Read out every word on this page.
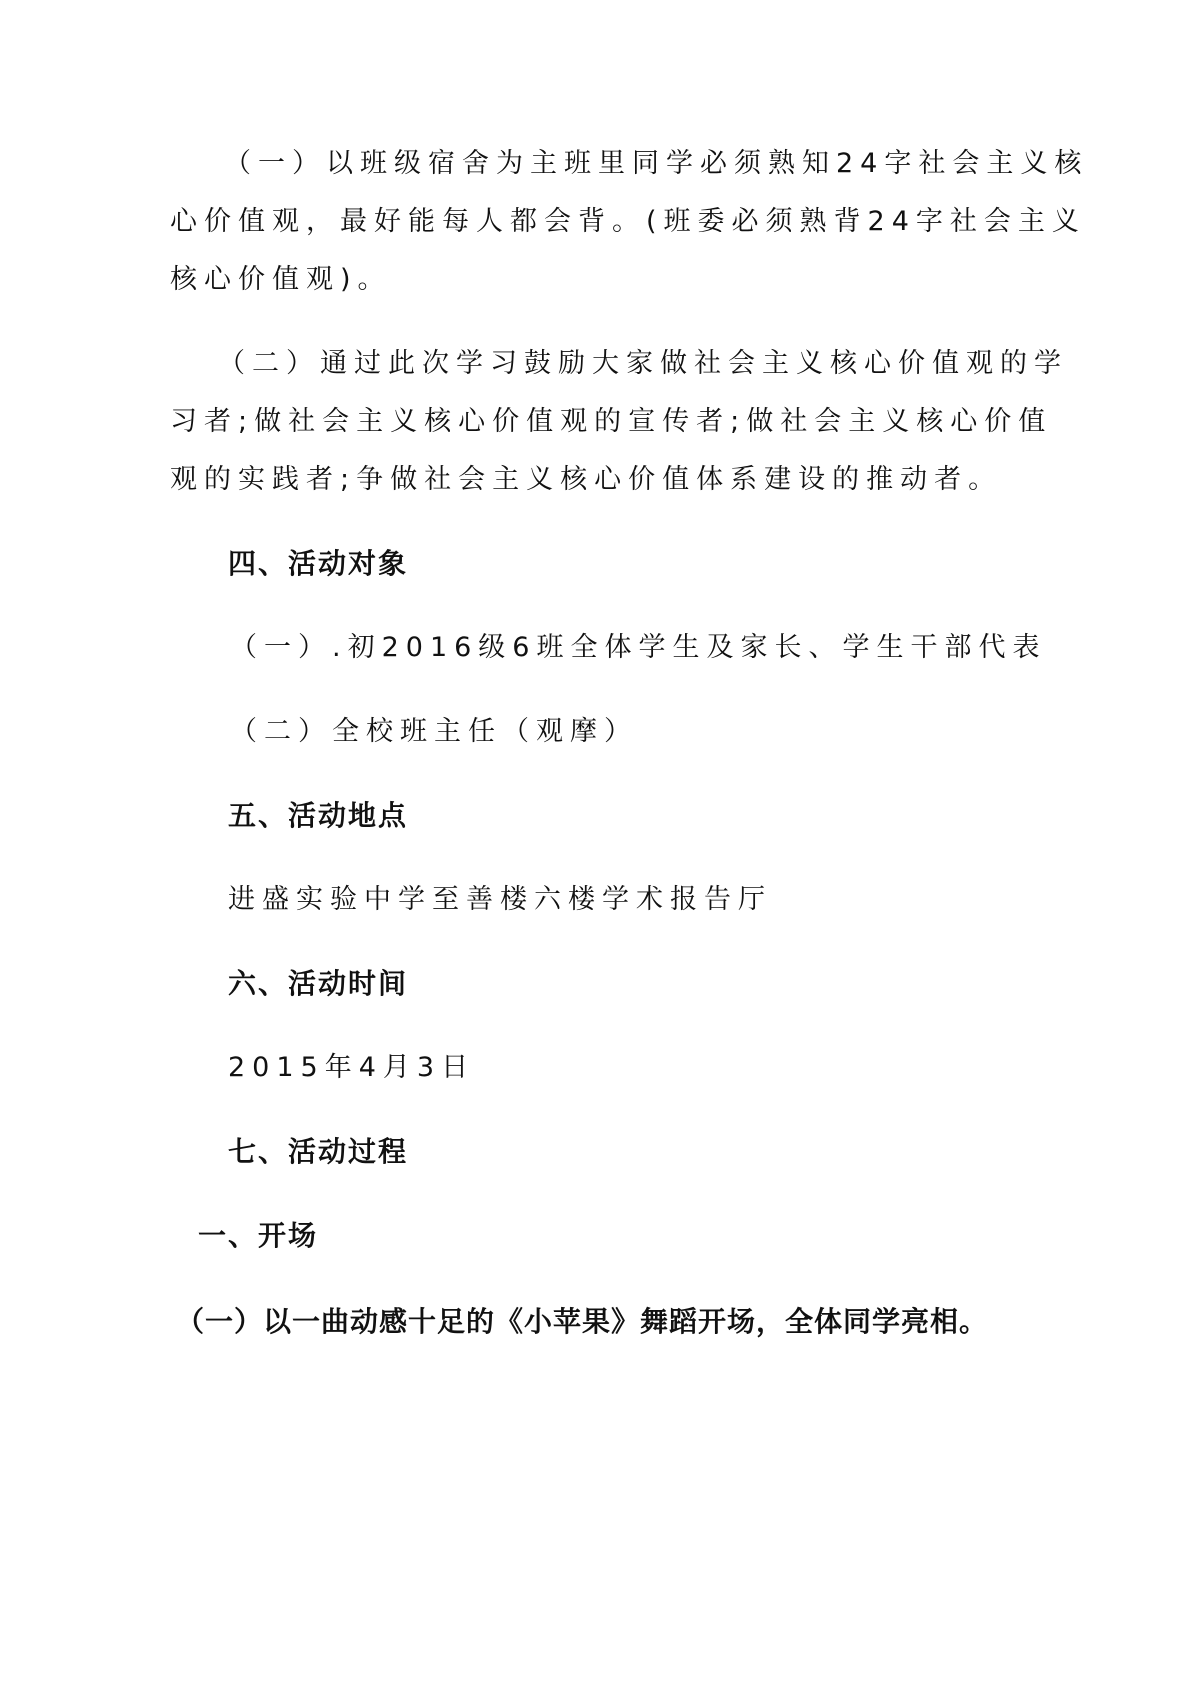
（一）以班级宿舍为主班里同学必须熟知24字社会主义核
心价值观，最好能每人都会背。(班委必须熟背24字社会主义
核心价值观)。
（二）通过此次学习鼓励大家做社会主义核心价值观的学
习者;做社会主义核心价值观的宣传者;做社会主义核心价值
观的实践者;争做社会主义核心价值体系建设的推动者。
四、活动对象
（一）.初2016级6班全体学生及家长、学生干部代表
（二）全校班主任（观摩）
五、活动地点
进盛实验中学至善楼六楼学术报告厅
六、活动时间
2015年4月3日
七、活动过程
一、开场
（一）以一曲动感十足的《小苹果》舞蹈开场，全体同学亮相。
